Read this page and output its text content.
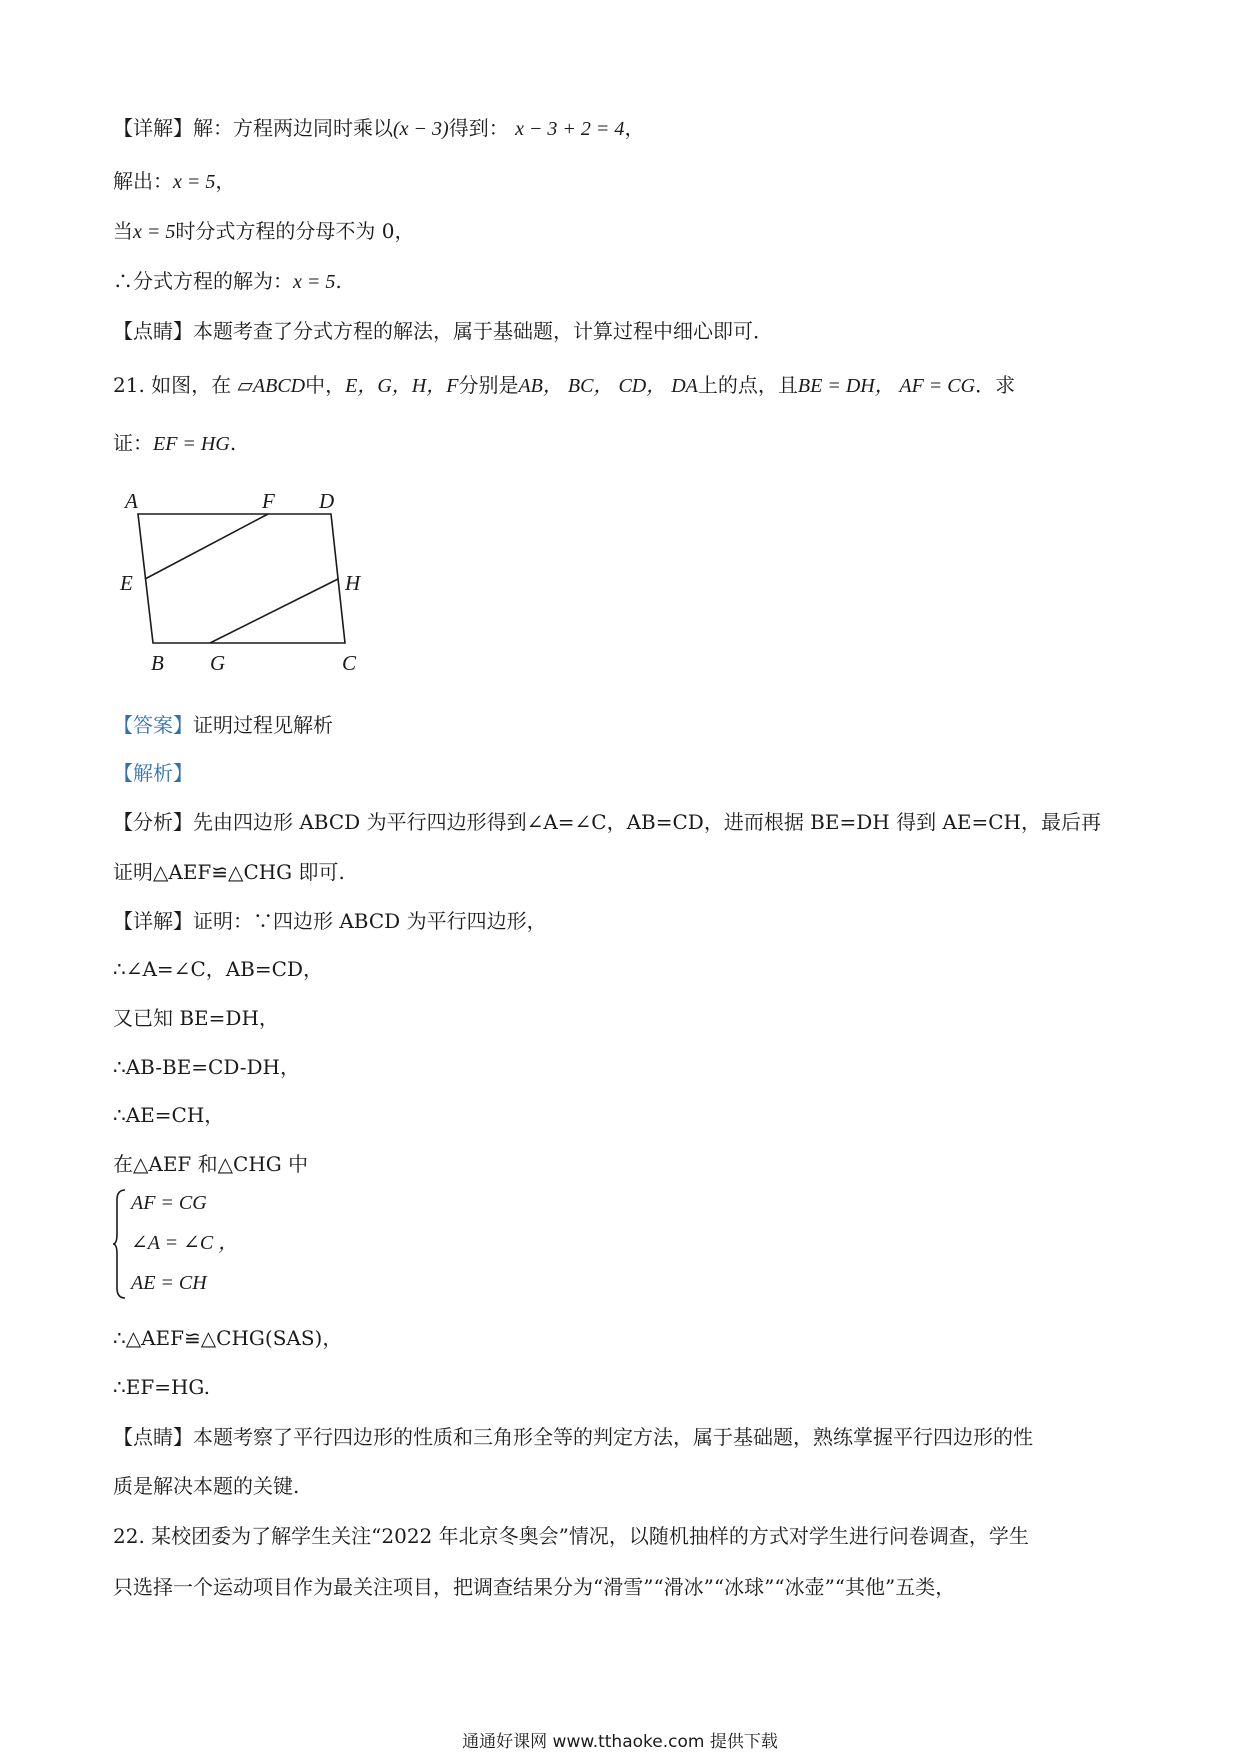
【详解】解：方程两边同时乘以(x − 3)得到： x − 3 + 2 = 4，
解出：x = 5，
当x = 5时分式方程的分母不为 0，
∴分式方程的解为：x = 5.
【点睛】本题考查了分式方程的解法，属于基础题，计算过程中细心即可．
21. 如图，在 ▱ABCD中，E，G，H，F分别是AB， BC， CD， DA上的点，且BE = DH， AF = CG．求
证：EF = HG.
A	F D
E	H
B G	C
【答案】证明过程见解析
【解析】
【分析】先由四边形 ABCD 为平行四边形得到∠A=∠C，AB=CD，进而根据 BE=DH 得到 AE=CH，最后再
证明△AEF≌△CHG 即可.
【详解】证明：∵四边形 ABCD 为平行四边形，
∴∠A=∠C，AB=CD，
又已知 BE=DH，
∴AB-BE=CD-DH，
∴AE=CH，
在△AEF 和△CHG 中
AF = CG
∠A = ∠C ，
AE = CH
∴△AEF≌△CHG(SAS)，
∴EF=HG.
【点睛】本题考察了平行四边形的性质和三角形全等的判定方法，属于基础题，熟练掌握平行四边形的性
质是解决本题的关键.
22. 某校团委为了解学生关注“2022 年北京冬奥会”情况，以随机抽样的方式对学生进行问卷调查，学生
只选择一个运动项目作为最关注项目，把调查结果分为“滑雪”“滑冰”“冰球”“冰壶”“其他”五类，
通通好课网 www.tthaoke.com 提供下载
